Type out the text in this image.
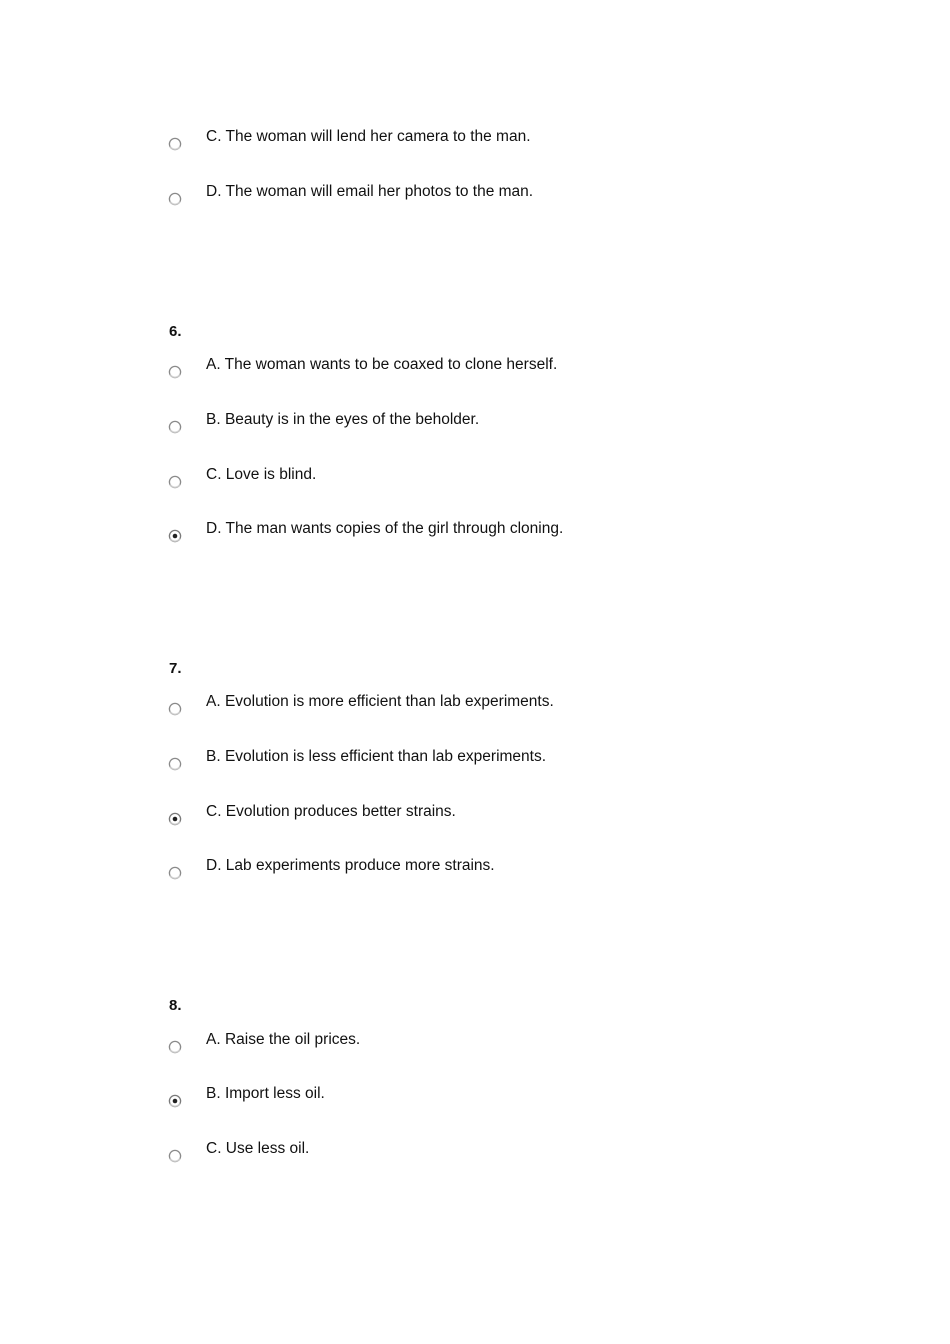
C. The woman will lend her camera to the man.
D. The woman will email her photos to the man.
6.
A. The woman wants to be coaxed to clone herself.
B. Beauty is in the eyes of the beholder.
C. Love is blind.
D. The man wants copies of the girl through cloning.
7.
A. Evolution is more efficient than lab experiments.
B. Evolution is less efficient than lab experiments.
C. Evolution produces better strains.
D. Lab experiments produce more strains.
8.
A. Raise the oil prices.
B. Import less oil.
C. Use less oil.
